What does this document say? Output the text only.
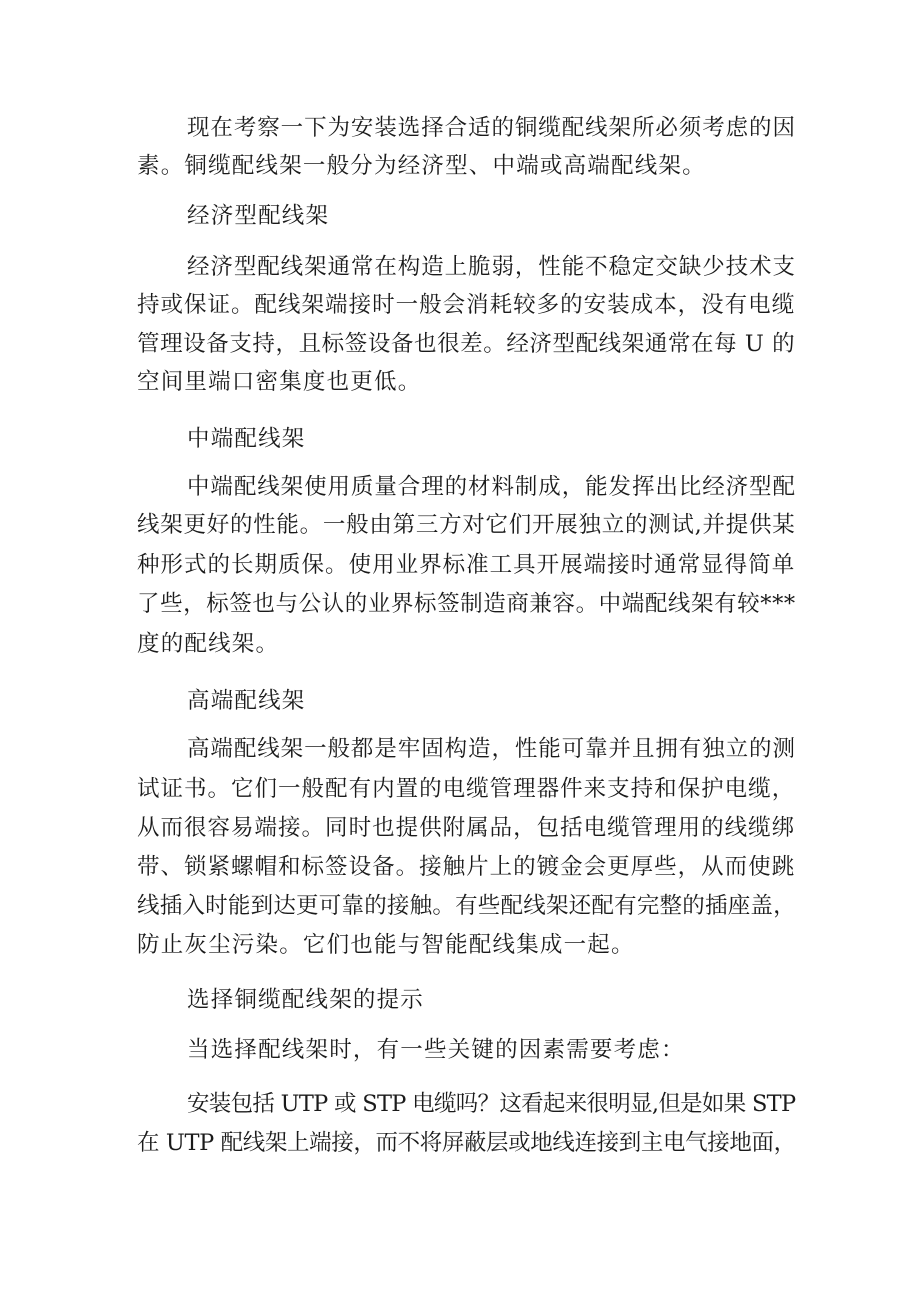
现在考察一下为安装选择合适的铜缆配线架所必须考虑的因
素。铜缆配线架一般分为经济型、中端或高端配线架。
经济型配线架
经济型配线架通常在构造上脆弱，性能不稳定交缺少技术支
持或保证。配线架端接时一般会消耗较多的安装成本，没有电缆
管理设备支持，且标签设备也很差。经济型配线架通常在每 U 的
空间里端口密集度也更低。
中端配线架
中端配线架使用质量合理的材料制成，能发挥出比经济型配
线架更好的性能。一般由第三方对它们开展独立的测试,并提供某
种形式的长期质保。使用业界标准工具开展端接时通常显得简单
了些，标签也与公认的业界标签制造商兼容。中端配线架有较***
度的配线架。
高端配线架
高端配线架一般都是牢固构造，性能可靠并且拥有独立的测
试证书。它们一般配有内置的电缆管理器件来支持和保护电缆，
从而很容易端接。同时也提供附属品，包括电缆管理用的线缆绑
带、锁紧螺帽和标签设备。接触片上的镀金会更厚些，从而使跳
线插入时能到达更可靠的接触。有些配线架还配有完整的插座盖，
防止灰尘污染。它们也能与智能配线集成一起。
选择铜缆配线架的提示
当选择配线架时，有一些关键的因素需要考虑：
安装包括 UTP 或 STP 电缆吗？这看起来很明显,但是如果 STP
在 UTP 配线架上端接，而不将屏蔽层或地线连接到主电气接地面，
